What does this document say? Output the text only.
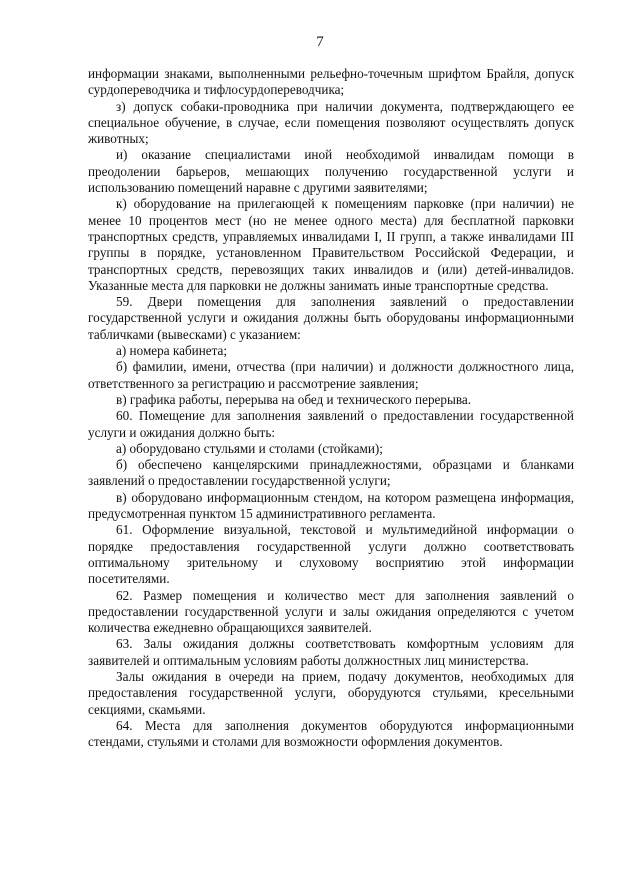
7

информации знаками, выполненными рельефно-точечным шрифтом Брайля, допуск сурдопереводчика и тифлосурдопереводчика;

з) допуск собаки-проводника при наличии документа, подтверждающего ее специальное обучение, в случае, если помещения позволяют осуществлять допуск животных;

и) оказание специалистами иной необходимой инвалидам помощи в преодолении барьеров, мешающих получению государственной услуги и использованию помещений наравне с другими заявителями;

к) оборудование на прилегающей к помещениям парковке (при наличии) не менее 10 процентов мест (но не менее одного места) для бесплатной парковки транспортных средств, управляемых инвалидами I, II групп, а также инвалидами III группы в порядке, установленном Правительством Российской Федерации, и транспортных средств, перевозящих таких инвалидов и (или) детей-инвалидов. Указанные места для парковки не должны занимать иные транспортные средства.

59. Двери помещения для заполнения заявлений о предоставлении государственной услуги и ожидания должны быть оборудованы информационными табличками (вывесками) с указанием:

а) номера кабинета;

б) фамилии, имени, отчества (при наличии) и должности должностного лица, ответственного за регистрацию и рассмотрение заявления;

в) графика работы, перерыва на обед и технического перерыва.

60. Помещение для заполнения заявлений о предоставлении государственной услуги и ожидания должно быть:

а) оборудовано стульями и столами (стойками);

б) обеспечено канцелярскими принадлежностями, образцами и бланками заявлений о предоставлении государственной услуги;

в) оборудовано информационным стендом, на котором размещена информация, предусмотренная пунктом 15 административного регламента.

61. Оформление визуальной, текстовой и мультимедийной информации о порядке предоставления государственной услуги должно соответствовать оптимальному зрительному и слуховому восприятию этой информации посетителями.

62. Размер помещения и количество мест для заполнения заявлений о предоставлении государственной услуги и залы ожидания определяются с учетом количества ежедневно обращающихся заявителей.

63. Залы ожидания должны соответствовать комфортным условиям для заявителей и оптимальным условиям работы должностных лиц министерства.

Залы ожидания в очереди на прием, подачу документов, необходимых для предоставления государственной услуги, оборудуются стульями, кресельными секциями, скамьями.

64. Места для заполнения документов оборудуются информационными стендами, стульями и столами для возможности оформления документов.
